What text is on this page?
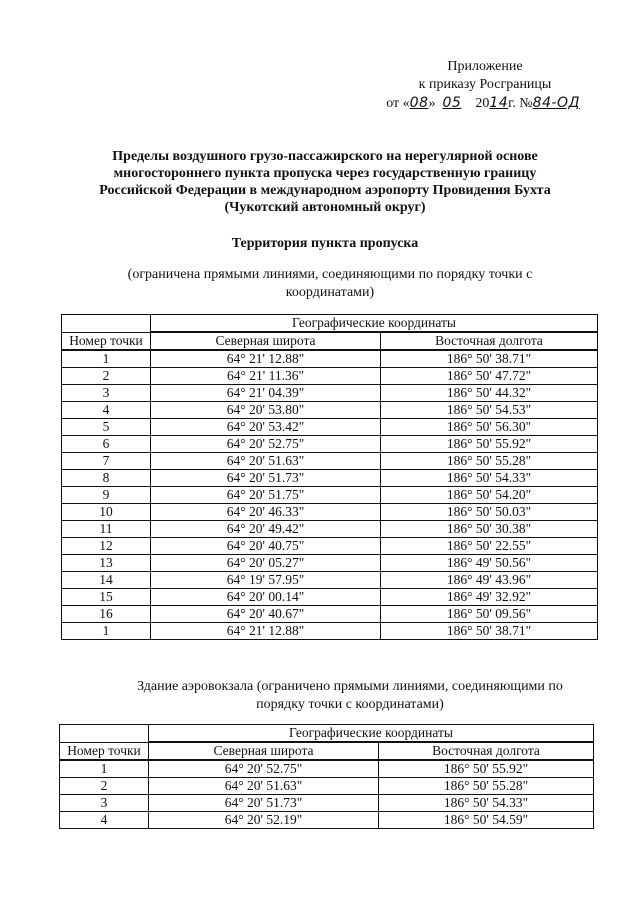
Приложение
к приказу Росграницы
от «08» 05 2014г. №84-ОД
Пределы воздушного грузо-пассажирского на нерегулярной основе
многостороннего пункта пропуска через государственную границу
Российской Федерации в международном аэропорту Провидения Бухта
(Чукотский автономный округ)
Территория пункта пропуска
(ограничена прямыми линиями, соединяющими по порядку точки с
координатами)
	Географические координаты	
Номер точки	Северная широта	Восточная долгота
1	64° 21' 12.88"	186° 50' 38.71"
2	64° 21' 11.36"	186° 50' 47.72"
3	64° 21' 04.39"	186° 50' 44.32"
4	64° 20' 53.80"	186° 50' 54.53"
5	64° 20' 53.42"	186° 50' 56.30"
6	64° 20' 52.75"	186° 50' 55.92"
7	64° 20' 51.63"	186° 50' 55.28"
8	64° 20' 51.73"	186° 50' 54.33"
9	64° 20' 51.75"	186° 50' 54.20"
10	64° 20' 46.33"	186° 50' 50.03"
11	64° 20' 49.42"	186° 50' 30.38"
12	64° 20' 40.75"	186° 50' 22.55"
13	64° 20' 05.27"	186° 49' 50.56"
14	64° 19' 57.95"	186° 49' 43.96"
15	64° 20' 00.14"	186° 49' 32.92"
16	64° 20' 40.67"	186° 50' 09.56"
1	64° 21' 12.88"	186° 50' 38.71"
Здание аэровокзала (ограничено прямыми линиями, соединяющими по
порядку точки с координатами)
	Географические координаты	
Номер точки	Северная широта	Восточная долгота
1	64° 20' 52.75"	186° 50' 55.92"
2	64° 20' 51.63"	186° 50' 55.28"
3	64° 20' 51.73"	186° 50' 54.33"
4	64° 20' 52.19"	186° 50' 54.59"
